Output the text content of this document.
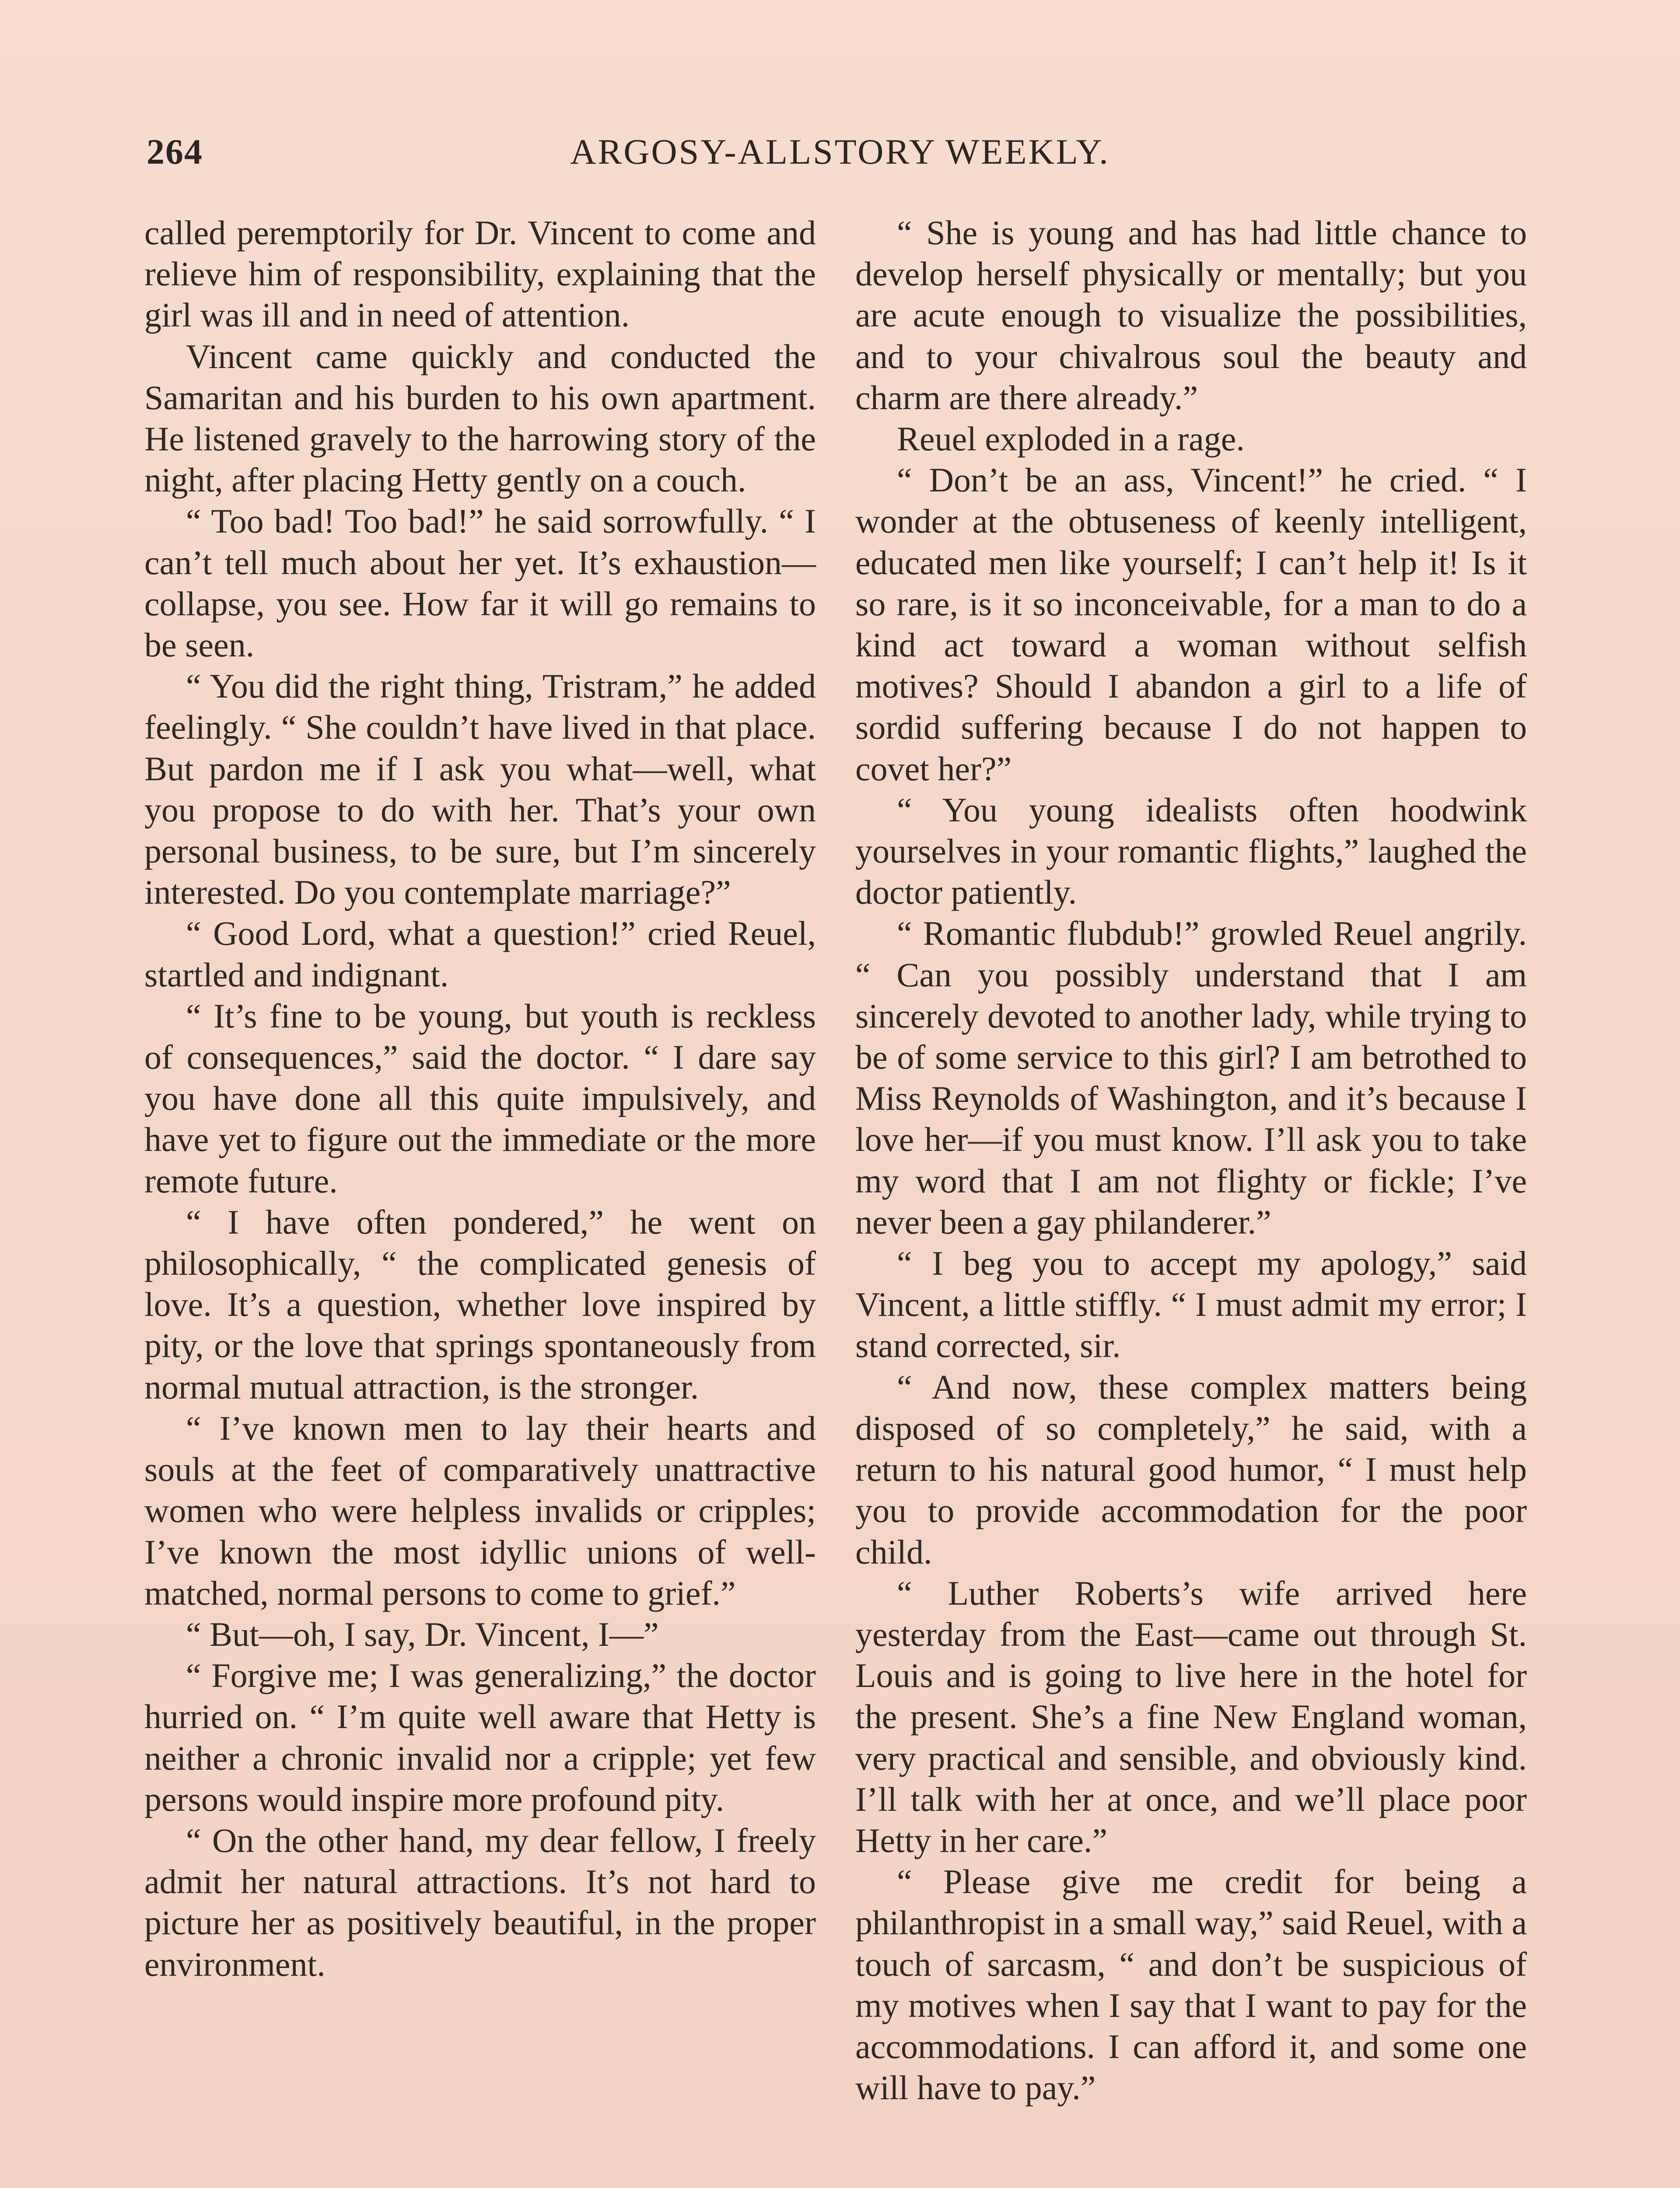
264	ARGOSY-ALLSTORY WEEKLY.

called peremptorily for Dr. Vincent to come and relieve him of responsibility, explaining that the girl was ill and in need of attention.

Vincent came quickly and conducted the Samaritan and his burden to his own apartment. He listened gravely to the harrowing story of the night, after placing Hetty gently on a couch.

“ Too bad! Too bad!” he said sorrowfully. “ I can’t tell much about her yet. It’s exhaustion—collapse, you see. How far it will go remains to be seen.

“ You did the right thing, Tristram,” he added feelingly. “ She couldn’t have lived in that place. But pardon me if I ask you what—well, what you propose to do with her. That’s your own personal business, to be sure, but I’m sincerely interested. Do you contemplate marriage?”

“ Good Lord, what a question!” cried Reuel, startled and indignant.

“ It’s fine to be young, but youth is reckless of consequences,” said the doctor. “ I dare say you have done all this quite impulsively, and have yet to figure out the immediate or the more remote future.

“ I have often pondered,” he went on philosophically, “ the complicated genesis of love. It’s a question, whether love inspired by pity, or the love that springs spontaneously from normal mutual attraction, is the stronger.

“ I’ve known men to lay their hearts and souls at the feet of comparatively unattractive women who were helpless invalids or cripples; I’ve known the most idyllic unions of well-matched, normal persons to come to grief.”

“ But—oh, I say, Dr. Vincent, I—”

“ Forgive me; I was generalizing,” the doctor hurried on. “ I’m quite well aware that Hetty is neither a chronic invalid nor a cripple; yet few persons would inspire more profound pity.

“ On the other hand, my dear fellow, I freely admit her natural attractions. It’s not hard to picture her as positively beautiful, in the proper environment.

“ She is young and has had little chance to develop herself physically or mentally; but you are acute enough to visualize the possibilities, and to your chivalrous soul the beauty and charm are there already.”

Reuel exploded in a rage.

“ Don’t be an ass, Vincent!” he cried. “ I wonder at the obtuseness of keenly intelligent, educated men like yourself; I can’t help it! Is it so rare, is it so inconceivable, for a man to do a kind act toward a woman without selfish motives? Should I abandon a girl to a life of sordid suffering because I do not happen to covet her?”

“ You young idealists often hoodwink yourselves in your romantic flights,” laughed the doctor patiently.

“ Romantic flubdub!” growled Reuel angrily. “ Can you possibly understand that I am sincerely devoted to another lady, while trying to be of some service to this girl? I am betrothed to Miss Reynolds of Washington, and it’s because I love her—if you must know. I’ll ask you to take my word that I am not flighty or fickle; I’ve never been a gay philanderer.”

“ I beg you to accept my apology,” said Vincent, a little stiffly. “ I must admit my error; I stand corrected, sir.

“ And now, these complex matters being disposed of so completely,” he said, with a return to his natural good humor, “ I must help you to provide accommodation for the poor child.

“ Luther Roberts’s wife arrived here yesterday from the East—came out through St. Louis and is going to live here in the hotel for the present. She’s a fine New England woman, very practical and sensible, and obviously kind. I’ll talk with her at once, and we’ll place poor Hetty in her care.”

“ Please give me credit for being a philanthropist in a small way,” said Reuel, with a touch of sarcasm, “ and don’t be suspicious of my motives when I say that I want to pay for the accommodations. I can afford it, and some one will have to pay.”
